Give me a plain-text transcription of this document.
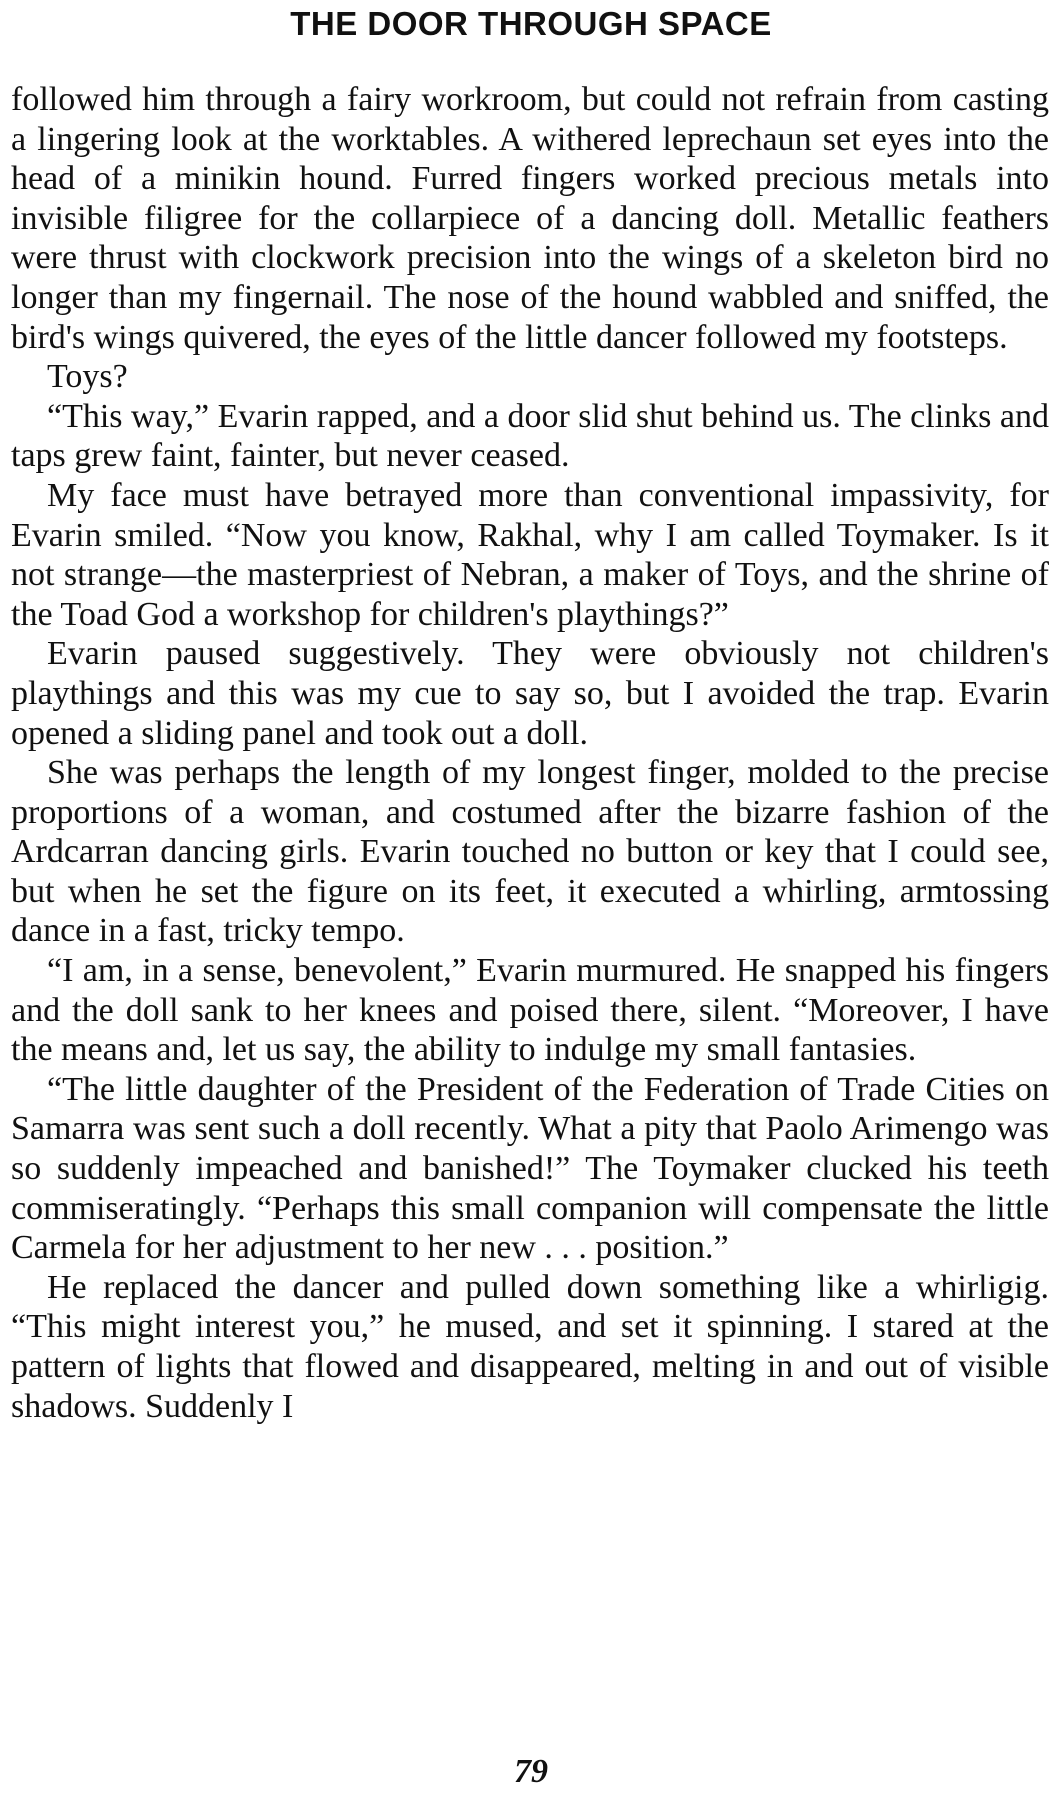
THE DOOR THROUGH SPACE

followed him through a fairy workroom, but could not refrain from casting a lingering look at the worktables. A withered leprechaun set eyes into the head of a minikin hound. Furred fingers worked precious metals into invisible filigree for the collarpiece of a dancing doll. Metallic feathers were thrust with clockwork precision into the wings of a skeleton bird no longer than my fingernail. The nose of the hound wabbled and sniffed, the bird's wings quivered, the eyes of the little dancer followed my footsteps.

Toys?

“This way,” Evarin rapped, and a door slid shut behind us. The clinks and taps grew faint, fainter, but never ceased.

My face must have betrayed more than conventional impassivity, for Evarin smiled. “Now you know, Rakhal, why I am called Toymaker. Is it not strange—the masterpriest of Nebran, a maker of Toys, and the shrine of the Toad God a workshop for children's playthings?”

Evarin paused suggestively. They were obviously not children's playthings and this was my cue to say so, but I avoided the trap. Evarin opened a sliding panel and took out a doll.

She was perhaps the length of my longest finger, molded to the precise proportions of a woman, and costumed after the bizarre fashion of the Ardcarran dancing girls. Evarin touched no button or key that I could see, but when he set the figure on its feet, it executed a whirling, armtossing dance in a fast, tricky tempo.

“I am, in a sense, benevolent,” Evarin murmured. He snapped his fingers and the doll sank to her knees and poised there, silent. “Moreover, I have the means and, let us say, the ability to indulge my small fantasies.

“The little daughter of the President of the Federation of Trade Cities on Samarra was sent such a doll recently. What a pity that Paolo Arimengo was so suddenly impeached and banished!” The Toymaker clucked his teeth commiseratingly. “Perhaps this small companion will compensate the little Carmela for her adjustment to her new . . . position.”

He replaced the dancer and pulled down something like a whirligig. “This might interest you,” he mused, and set it spinning. I stared at the pattern of lights that flowed and disappeared, melting in and out of visible shadows. Suddenly I

79
